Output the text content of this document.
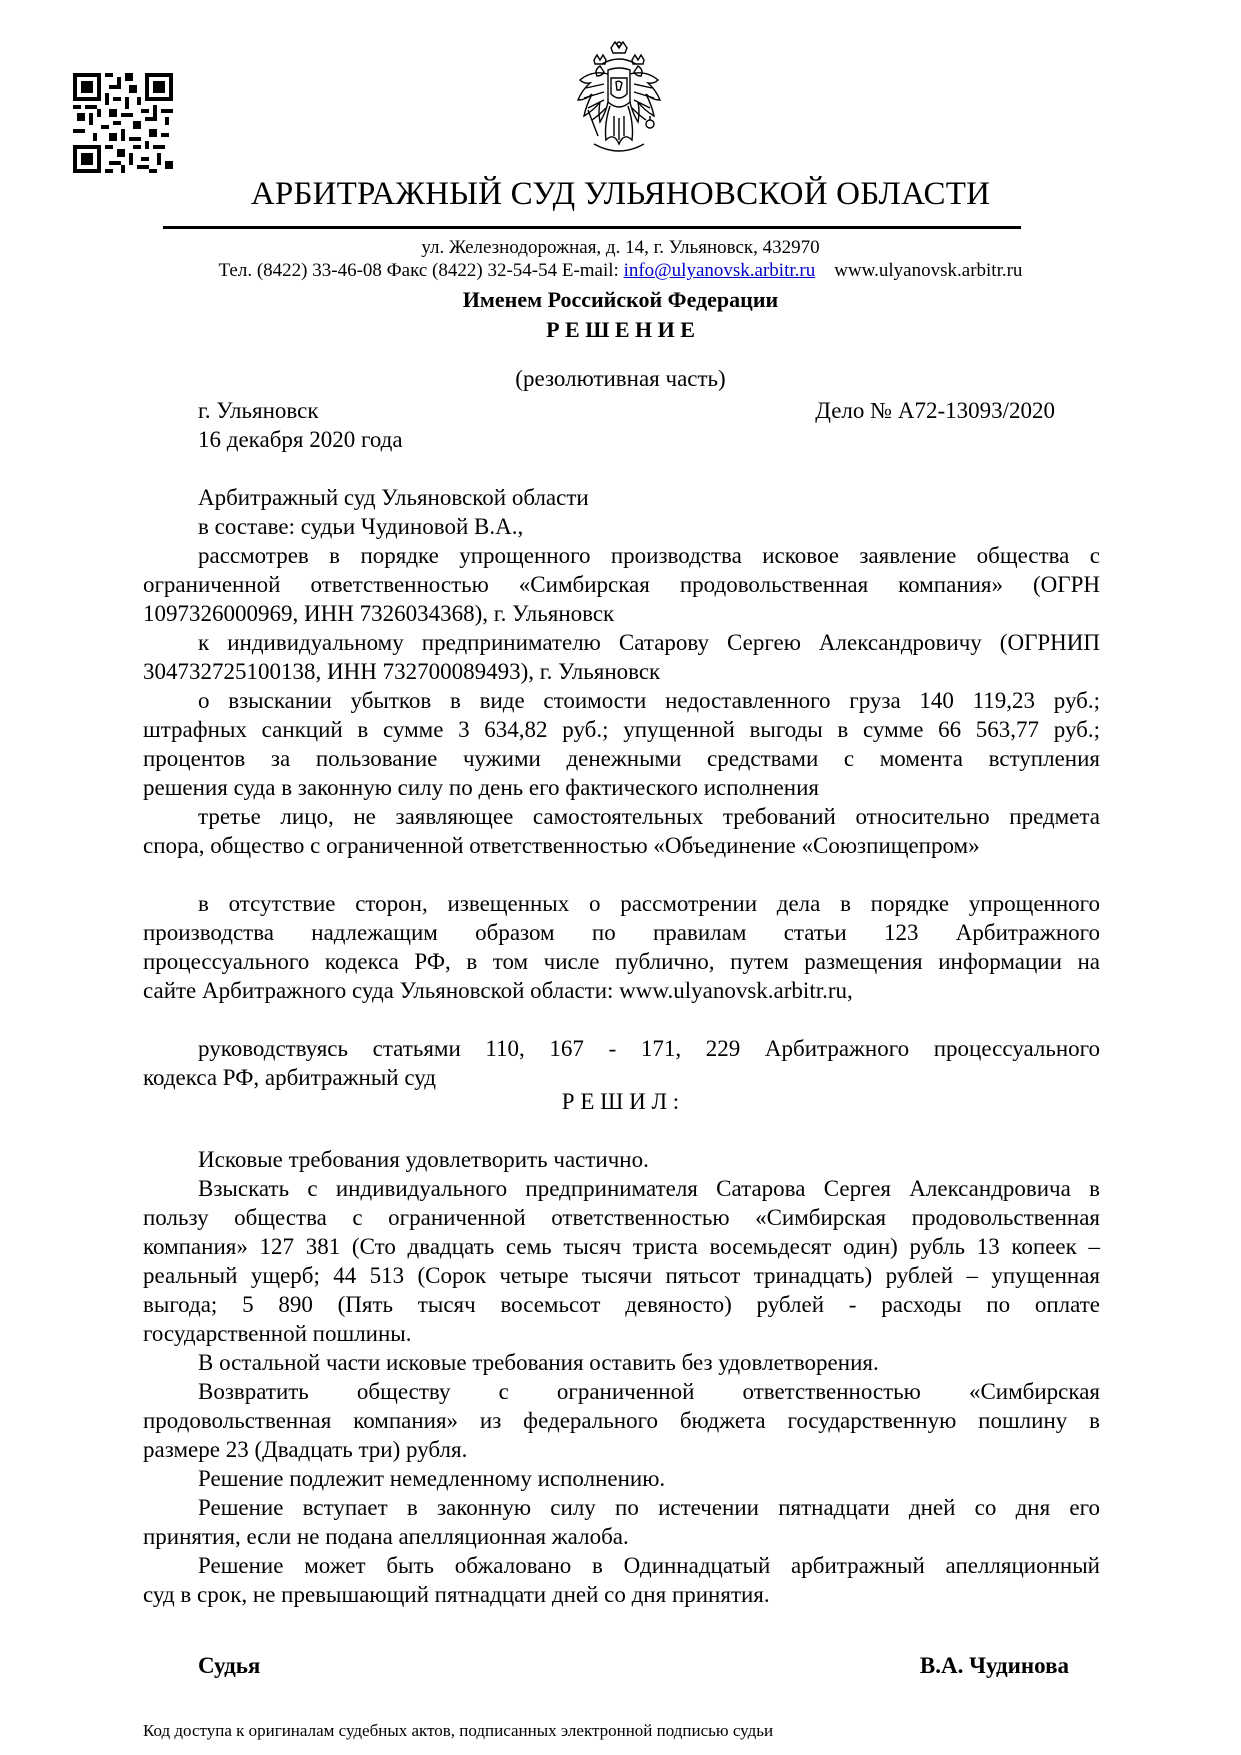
АРБИТРАЖНЫЙ СУД УЛЬЯНОВСКОЙ ОБЛАСТИ
ул. Железнодорожная, д. 14, г. Ульяновск, 432970
Тел. (8422) 33-46-08 Факс (8422) 32-54-54 E-mail: info@ulyanovsk.arbitr.ru www.ulyanovsk.arbitr.ru
Именем Российской Федерации
Р Е Ш Е Н И Е
(резолютивная часть)
г. Ульяновск	Дело № А72-13093/2020
16 декабря 2020 года
Арбитражный суд Ульяновской области
в составе: судьи Чудиновой В.А.,
рассмотрев в порядке упрощенного производства исковое заявление общества с
ограниченной ответственностью «Симбирская продовольственная компания» (ОГРН
1097326000969, ИНН 7326034368), г. Ульяновск
к индивидуальному предпринимателю Сатарову Сергею Александровичу (ОГРНИП
304732725100138, ИНН 732700089493), г. Ульяновск
о взыскании убытков в виде стоимости недоставленного груза 140 119,23 руб.;
штрафных санкций в сумме 3 634,82 руб.; упущенной выгоды в сумме 66 563,77 руб.;
процентов за пользование чужими денежными средствами с момента вступления
решения суда в законную силу по день его фактического исполнения
третье лицо, не заявляющее самостоятельных требований относительно предмета
спора, общество с ограниченной ответственностью «Объединение «Союзпищепром»
в отсутствие сторон, извещенных о рассмотрении дела в порядке упрощенного
производства надлежащим образом по правилам статьи 123 Арбитражного
процессуального кодекса РФ, в том числе публично, путем размещения информации на
сайте Арбитражного суда Ульяновской области: www.ulyanovsk.arbitr.ru,
руководствуясь статьями 110, 167 - 171, 229 Арбитражного процессуального
кодекса РФ, арбитражный суд
Р Е Ш И Л :
Исковые требования удовлетворить частично.
Взыскать с индивидуального предпринимателя Сатарова Сергея Александровича в
пользу общества с ограниченной ответственностью «Симбирская продовольственная
компания» 127 381 (Сто двадцать семь тысяч триста восемьдесят один) рубль 13 копеек –
реальный ущерб; 44 513 (Сорок четыре тысячи пятьсот тринадцать) рублей – упущенная
выгода; 5 890 (Пять тысяч восемьсот девяносто) рублей - расходы по оплате
государственной пошлины.
В остальной части исковые требования оставить без удовлетворения.
Возвратить обществу с ограниченной ответственностью «Симбирская
продовольственная компания» из федерального бюджета государственную пошлину в
размере 23 (Двадцать три) рубля.
Решение подлежит немедленному исполнению.
Решение вступает в законную силу по истечении пятнадцати дней со дня его
принятия, если не подана апелляционная жалоба.
Решение может быть обжаловано в Одиннадцатый арбитражный апелляционный
суд в срок, не превышающий пятнадцати дней со дня принятия.
Судья	В.А. Чудинова
Код доступа к оригиналам судебных актов, подписанных электронной подписью судьи
